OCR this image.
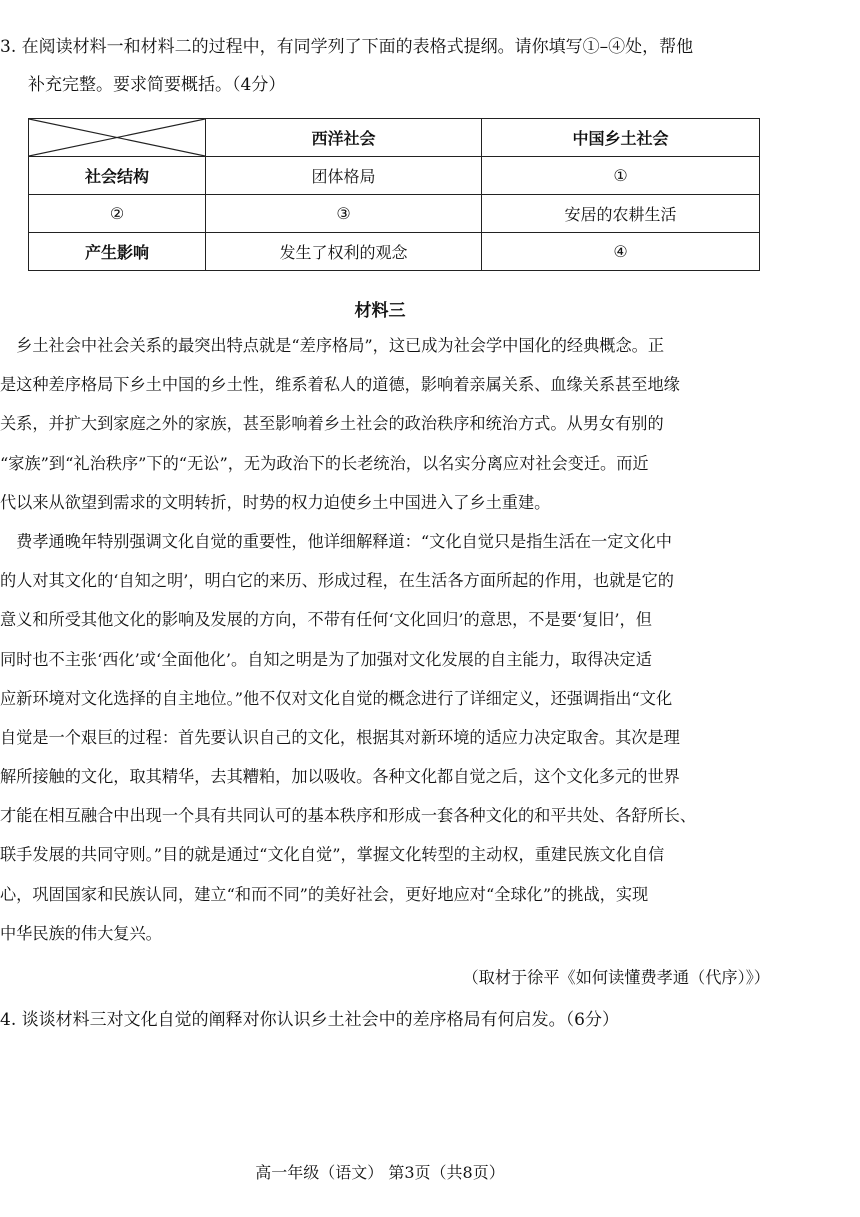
3. 在阅读材料一和材料二的过程中，有同学列了下面的表格式提纲。请你填写①–④处，帮他
补充完整。要求简要概括。（4分）
	西洋社会	中国乡土社会
社会结构	团体格局	①
②	③	安居的农耕生活
产生影响	发生了权利的观念	④
材料三
　乡土社会中社会关系的最突出特点就是“差序格局”，这已成为社会学中国化的经典概念。正
是这种差序格局下乡土中国的乡土性，维系着私人的道德，影响着亲属关系、血缘关系甚至地缘
关系，并扩大到家庭之外的家族，甚至影响着乡土社会的政治秩序和统治方式。从男女有别的
“家族”到“礼治秩序”下的“无讼”，无为政治下的长老统治，以名实分离应对社会变迁。而近
代以来从欲望到需求的文明转折，时势的权力迫使乡土中国进入了乡土重建。
　费孝通晚年特别强调文化自觉的重要性，他详细解释道：“文化自觉只是指生活在一定文化中
的人对其文化的‘自知之明’，明白它的来历、形成过程，在生活各方面所起的作用，也就是它的
意义和所受其他文化的影响及发展的方向，不带有任何‘文化回归’的意思，不是要‘复旧’，但
同时也不主张‘西化’或‘全面他化’。自知之明是为了加强对文化发展的自主能力，取得决定适
应新环境对文化选择的自主地位。”他不仅对文化自觉的概念进行了详细定义，还强调指出“文化
自觉是一个艰巨的过程：首先要认识自己的文化，根据其对新环境的适应力决定取舍。其次是理
解所接触的文化，取其精华，去其糟粕，加以吸收。各种文化都自觉之后，这个文化多元的世界
才能在相互融合中出现一个具有共同认可的基本秩序和形成一套各种文化的和平共处、各舒所长、
联手发展的共同守则。”目的就是通过“文化自觉”，掌握文化转型的主动权，重建民族文化自信
心，巩固国家和民族认同，建立“和而不同”的美好社会，更好地应对“全球化”的挑战，实现
中华民族的伟大复兴。
（取材于徐平《如何读懂费孝通（代序）》）
4. 谈谈材料三对文化自觉的阐释对你认识乡土社会中的差序格局有何启发。（6分）
高一年级（语文） 第3页（共8页）
